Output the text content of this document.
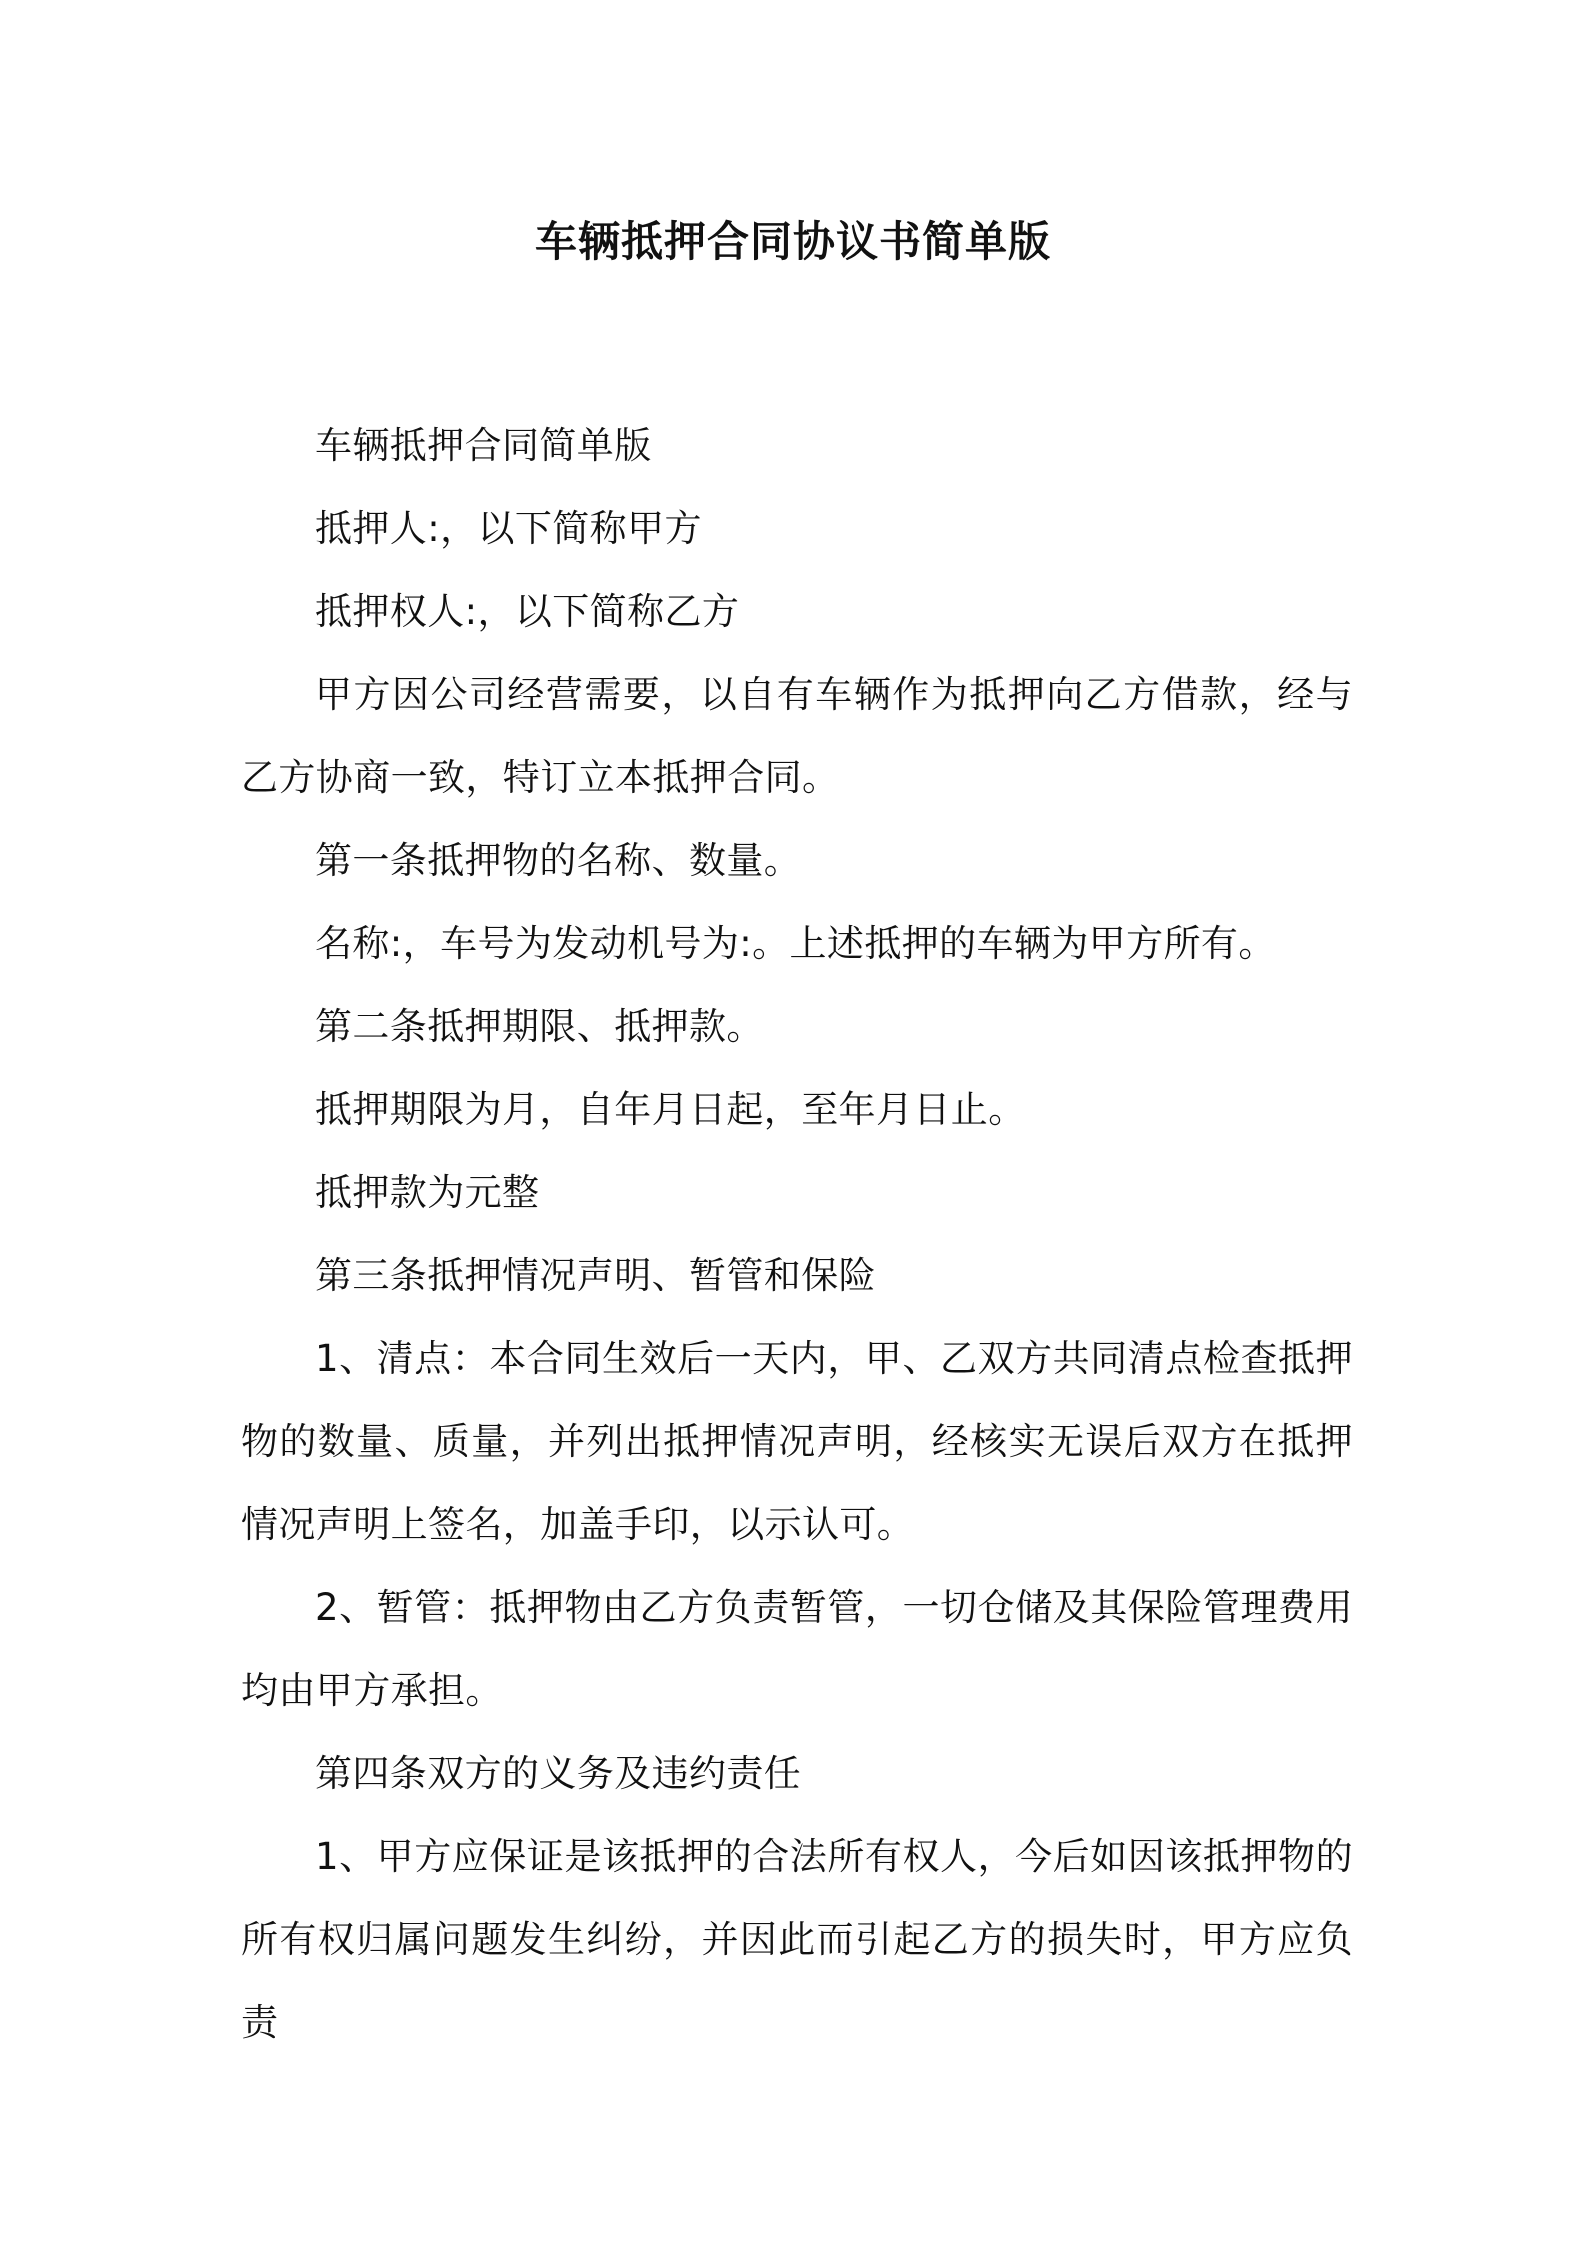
车辆抵押合同协议书简单版

车辆抵押合同简单版

抵押人:，以下简称甲方

抵押权人:，以下简称乙方

甲方因公司经营需要，以自有车辆作为抵押向乙方借款，经与乙方协商一致，特订立本抵押合同。

第一条抵押物的名称、数量。

名称:，车号为发动机号为:。上述抵押的车辆为甲方所有。

第二条抵押期限、抵押款。

抵押期限为月，自年月日起，至年月日止。

抵押款为元整

第三条抵押情况声明、暂管和保险

1、清点：本合同生效后一天内，甲、乙双方共同清点检查抵押物的数量、质量，并列出抵押情况声明，经核实无误后双方在抵押情况声明上签名，加盖手印，以示认可。

2、暂管：抵押物由乙方负责暂管，一切仓储及其保险管理费用均由甲方承担。

第四条双方的义务及违约责任

1、甲方应保证是该抵押的合法所有权人，今后如因该抵押物的所有权归属问题发生纠纷，并因此而引起乙方的损失时，甲方应负责
